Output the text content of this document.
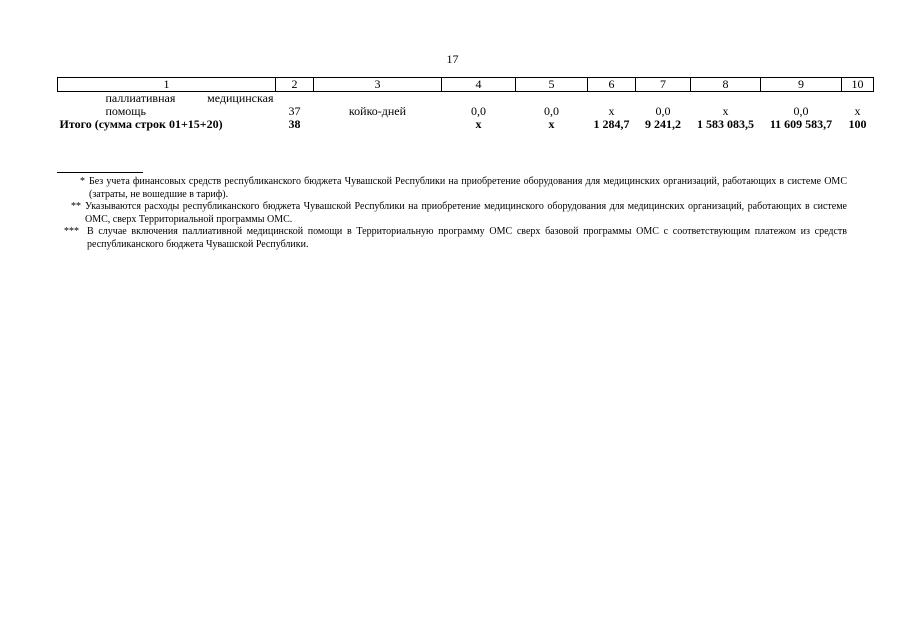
17
1	2	3	4	5	6	7	8	9	10

паллиативная медицинская
помощь	37	койко-дней	0,0	0,0	х	0,0	х	0,0	х
Итого (сумма строк 01+15+20)	38		х	х	1 284,7	9 241,2	1 583 083,5	11 609 583,7	100
* Без учета финансовых средств республиканского бюджета Чувашской Республики на приобретение оборудования для медицинских организаций, работающих в системе ОМС (затраты, не вошедшие в тариф).
** Указываются расходы республиканского бюджета Чувашской Республики на приобретение медицинского оборудования для медицинских организаций, работающих в системе ОМС, сверх Территориальной программы ОМС.
*** В случае включения паллиативной медицинской помощи в Территориальную программу ОМС сверх базовой программы ОМС с соответствующим платежом из средств республиканского бюджета Чувашской Республики.
